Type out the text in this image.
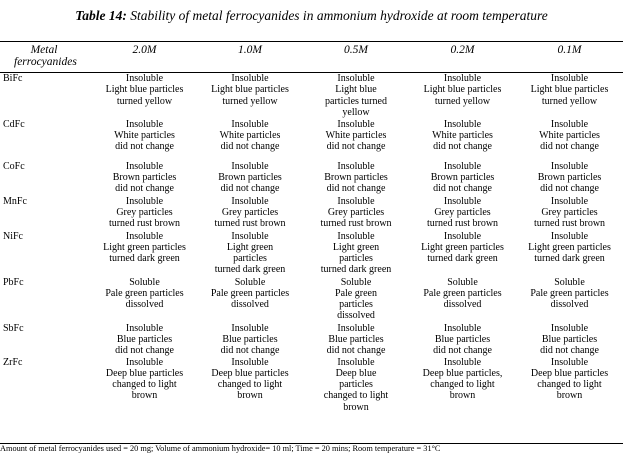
Table 14: Stability of metal ferrocyanides in ammonium hydroxide at room temperature
Metal ferrocyanides	2.0M	1.0M	0.5M	0.2M	0.1M
BiFc	Insoluble
Light blue particles
turned yellow	Insoluble
Light blue particles
turned yellow	Insoluble
Light blue
particles turned
yellow	Insoluble
Light blue particles
turned yellow	Insoluble
Light blue particles
turned yellow

CdFc	Insoluble
White particles
did not change	Insoluble
White particles
did not change	Insoluble
White particles
did not change	Insoluble
White particles
did not change	Insoluble
White particles
did not change

CoFc	Insoluble
Brown particles
did not change	Insoluble
Brown particles
did not change	Insoluble
Brown particles
did not change	Insoluble
Brown particles
did not change	Insoluble
Brown particles
did not change

MnFc	Insoluble
Grey particles
turned rust brown	Insoluble
Grey particles
turned rust brown	Insoluble
Grey particles
turned rust brown	Insoluble
Grey particles
turned rust brown	Insoluble
Grey particles
turned rust brown

NiFc	Insoluble
Light green particles
turned dark green	Insoluble
Light green
particles
turned dark green	Insoluble
Light green
particles
turned dark green	Insoluble
Light green particles
turned dark green	Insoluble
Light green particles
turned dark green

PbFc	Soluble
Pale green particles
dissolved	Soluble
Pale green particles
dissolved	Soluble
Pale green
particles
dissolved	Soluble
Pale green particles
dissolved	Soluble
Pale green particles
dissolved

SbFc	Insoluble
Blue particles
did not change	Insoluble
Blue particles
did not change	Insoluble
Blue particles
did not change	Insoluble
Blue particles
did not change	Insoluble
Blue particles
did not change

ZrFc	Insoluble
Deep blue particles
changed to light
brown	Insoluble
Deep blue particles
changed to light
brown	Insoluble
Deep blue
particles
changed to light
brown	Insoluble
Deep blue particles,
changed to light
brown	Insoluble
Deep blue particles
changed to light
brown
Amount of metal ferrocyanides used = 20 mg; Volume of ammonium hydroxide= 10 ml; Time = 20 mins; Room temperature = 31°C
